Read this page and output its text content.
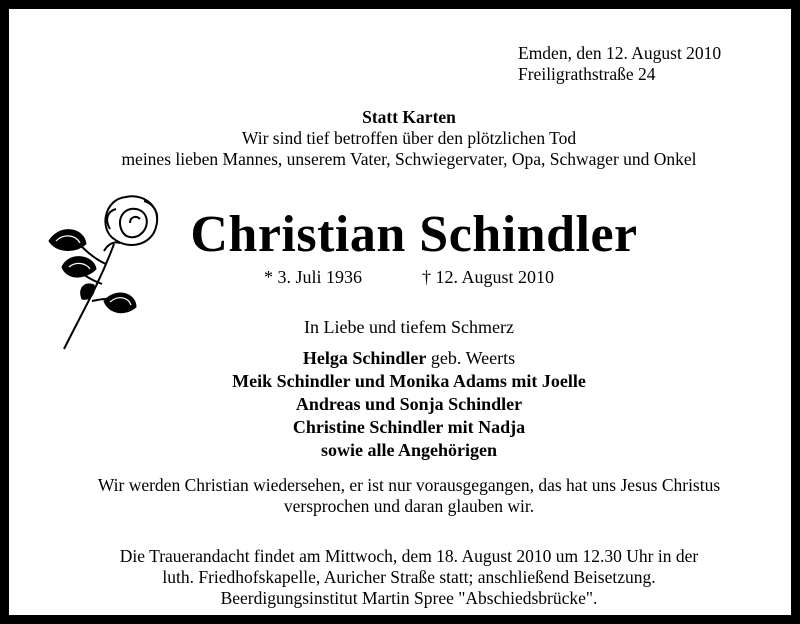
Emden, den 12. August 2010
Freiligrathstraße 24
Statt Karten
Wir sind tief betroffen über den plötzlichen Tod
meines lieben Mannes, unserem Vater, Schwiegervater, Opa, Schwager und Onkel
Christian Schindler
* 3. Juli 1936	† 12. August 2010
In Liebe und tiefem Schmerz
Helga Schindler geb. Weerts
Meik Schindler und Monika Adams mit Joelle
Andreas und Sonja Schindler
Christine Schindler mit Nadja
sowie alle Angehörigen
Wir werden Christian wiedersehen, er ist nur vorausgegangen, das hat uns Jesus Christus
versprochen und daran glauben wir.
Die Trauerandacht findet am Mittwoch, dem 18. August 2010 um 12.30 Uhr in der
luth. Friedhofskapelle, Auricher Straße statt; anschließend Beisetzung.
Beerdigungsinstitut Martin Spree "Abschiedsbrücke".
